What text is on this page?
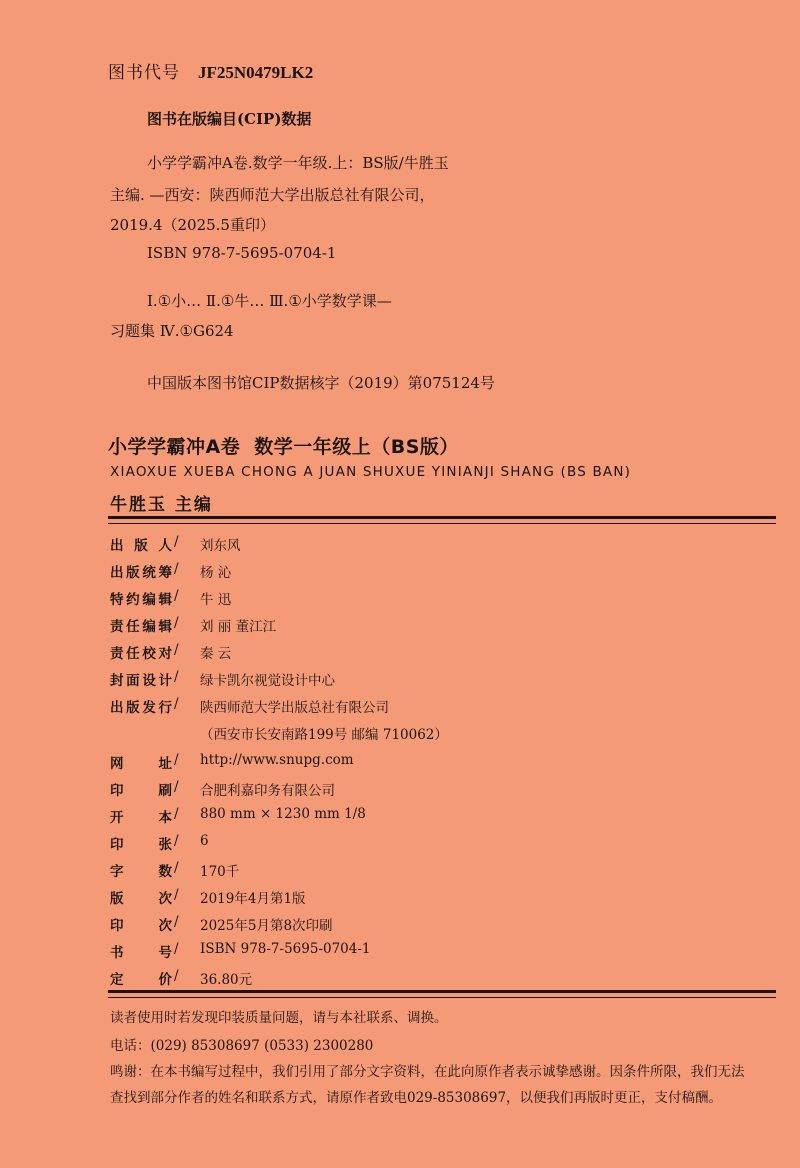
图书代号 JF25N0479LK2
图书在版编目(CIP)数据
小学学霸冲A卷.数学一年级.上：BS版/牛胜玉
主编. —西安：陕西师范大学出版总社有限公司，
2019.4（2025.5重印）
ISBN 978-7-5695-0704-1
Ⅰ.①小… Ⅱ.①牛… Ⅲ.①小学数学课—
习题集 Ⅳ.①G624
中国版本图书馆CIP数据核字（2019）第075124号
小学学霸冲A卷 数学一年级上（BS版）
XIAOXUE XUEBA CHONG A JUAN SHUXUE YINIANJI SHANG (BS BAN)
牛胜玉 主编
出版人 / 刘东风
出版统筹 / 杨 沁
特约编辑 / 牛 迅
责任编辑 / 刘 丽 董江江
责任校对 / 秦 云
封面设计 / 绿卡凯尔视觉设计中心
出版发行 / 陕西师范大学出版总社有限公司
（西安市长安南路199号 邮编 710062）
网址 / http://www.snupg.com
印刷 / 合肥利嘉印务有限公司
开本 / 880 mm × 1230 mm 1/8
印张 / 6
字数 / 170千
版次 / 2019年4月第1版
印次 / 2025年5月第8次印刷
书号 / ISBN 978-7-5695-0704-1
定价 / 36.80元
读者使用时若发现印装质量问题，请与本社联系、调换。
电话：(029) 85308697 (0533) 2300280
鸣谢：在本书编写过程中，我们引用了部分文字资料，在此向原作者表示诚挚感谢。因条件所限，我们无法
查找到部分作者的姓名和联系方式，请原作者致电029-85308697，以便我们再版时更正，支付稿酬。
